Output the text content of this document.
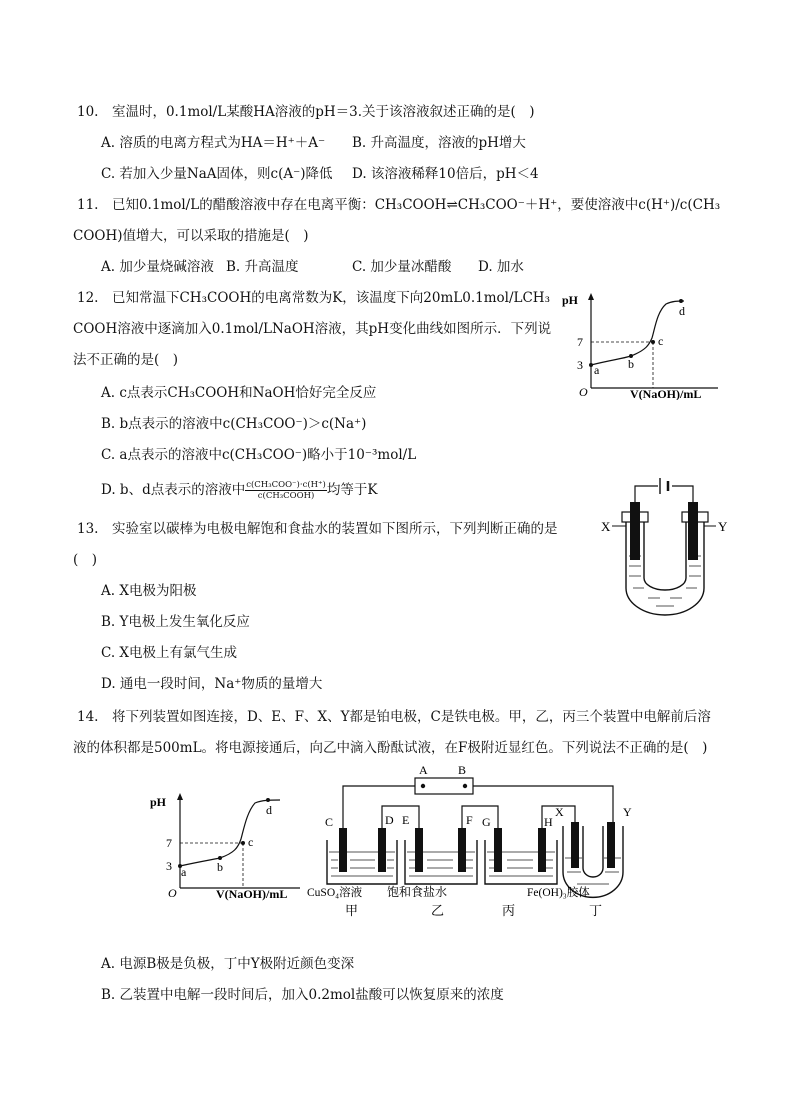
10.　室温时，0.1mol/L某酸HA溶液的pH＝3.关于该溶液叙述正确的是(　)
A. 溶质的电离方程式为HA＝H⁺＋A⁻ B. 升高温度，溶液的pH增大
C. 若加入少量NaA固体，则c(A⁻)降低 D. 该溶液稀释10倍后，pH＜4
11.　已知0.1mol/L的醋酸溶液中存在电离平衡：CH₃COOH⇌CH₃COO⁻＋H⁺，要使溶液中c(H⁺)/c(CH₃
COOH)值增大，可以采取的措施是(　)
A. 加少量烧碱溶液 B. 升高温度	C. 加少量冰醋酸 D. 加水
12.　已知常温下CH₃COOH的电离常数为K，该温度下向20mL0.1mol/LCH₃
COOH溶液中逐滴加入0.1mol/LNaOH溶液，其pH变化曲线如图所示．下列说
法不正确的是(　)
A. c点表示CH₃COOH和NaOH恰好完全反应
B. b点表示的溶液中c(CH₃COO⁻)＞c(Na⁺)
C. a点表示的溶液中c(CH₃COO⁻)略小于10⁻³mol/L
D. b、d点表示的溶液中 $\frac{\text{c(CH₃COO⁻)·c(H⁺)}}{\text{c(CH₃COOH)}}$ 均等于K
pH
7
3
O	V(NaOH)/mL
a b
c
d
13.　实验室以碳棒为电极电解饱和食盐水的装置如下图所示，下列判断正确的是
(　)
A. X电极为阳极
B. Y电极上发生氧化反应
C. X电极上有氯气生成
D. 通电一段时间，Na⁺物质的量增大
X	Y
14.　将下列装置如图连接，D、E、F、X、Y都是铂电极，C是铁电极。甲，乙，丙三个装置中电解前后溶
液的体积都是500mL。将电源接通后，向乙中滴入酚酞试液，在F极附近显红色。下列说法不正确的是(　)
pH
7
3
O	V(NaOH)/mL
a	b
c
d
A	B
C	D E	F G	H
X	Y
CuSO₄溶液 饱和食盐水	Fe(OH)₃胶体
甲	乙	丙	丁
A. 电源B极是负极，丁中Y极附近颜色变深
B. 乙装置中电解一段时间后，加入0.2mol盐酸可以恢复原来的浓度
